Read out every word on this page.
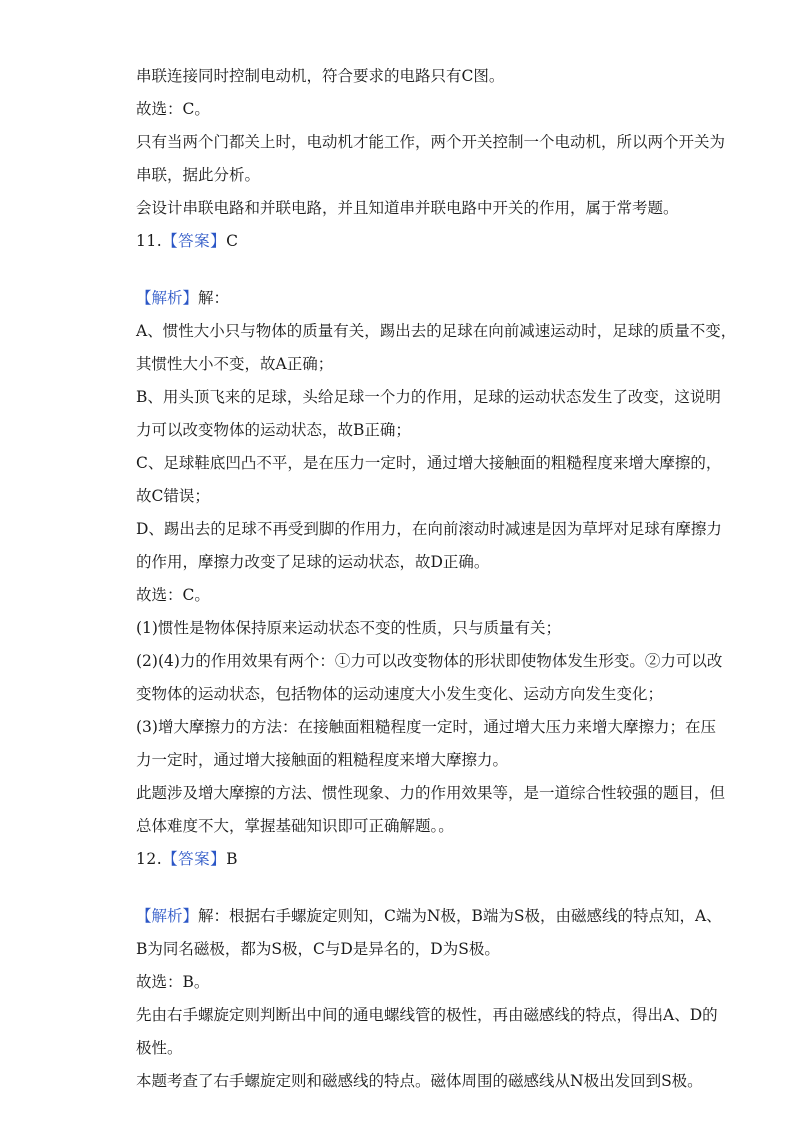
串联连接同时控制电动机，符合要求的电路只有C图。
故选：C。
只有当两个门都关上时，电动机才能工作，两个开关控制一个电动机，所以两个开关为
串联，据此分析。
会设计串联电路和并联电路，并且知道串并联电路中开关的作用，属于常考题。
11.【答案】C
【解析】解：
A、惯性大小只与物体的质量有关，踢出去的足球在向前减速运动时，足球的质量不变，
其惯性大小不变，故A正确；
B、用头顶飞来的足球，头给足球一个力的作用，足球的运动状态发生了改变，这说明
力可以改变物体的运动状态，故B正确；
C、足球鞋底凹凸不平，是在压力一定时，通过增大接触面的粗糙程度来增大摩擦的，
故C错误；
D、踢出去的足球不再受到脚的作用力，在向前滚动时减速是因为草坪对足球有摩擦力
的作用，摩擦力改变了足球的运动状态，故D正确。
故选：C。
(1)惯性是物体保持原来运动状态不变的性质，只与质量有关；
(2)(4)力的作用效果有两个：①力可以改变物体的形状即使物体发生形变。②力可以改
变物体的运动状态，包括物体的运动速度大小发生变化、运动方向发生变化；
(3)增大摩擦力的方法：在接触面粗糙程度一定时，通过增大压力来增大摩擦力；在压
力一定时，通过增大接触面的粗糙程度来增大摩擦力。
此题涉及增大摩擦的方法、惯性现象、力的作用效果等，是一道综合性较强的题目，但
总体难度不大，掌握基础知识即可正确解题。。
12.【答案】B
【解析】解：根据右手螺旋定则知，C端为N极，B端为S极，由磁感线的特点知，A、
B为同名磁极，都为S极，C与D是异名的，D为S极。
故选：B。
先由右手螺旋定则判断出中间的通电螺线管的极性，再由磁感线的特点，得出A、D的
极性。
本题考查了右手螺旋定则和磁感线的特点。磁体周围的磁感线从N极出发回到S极。
